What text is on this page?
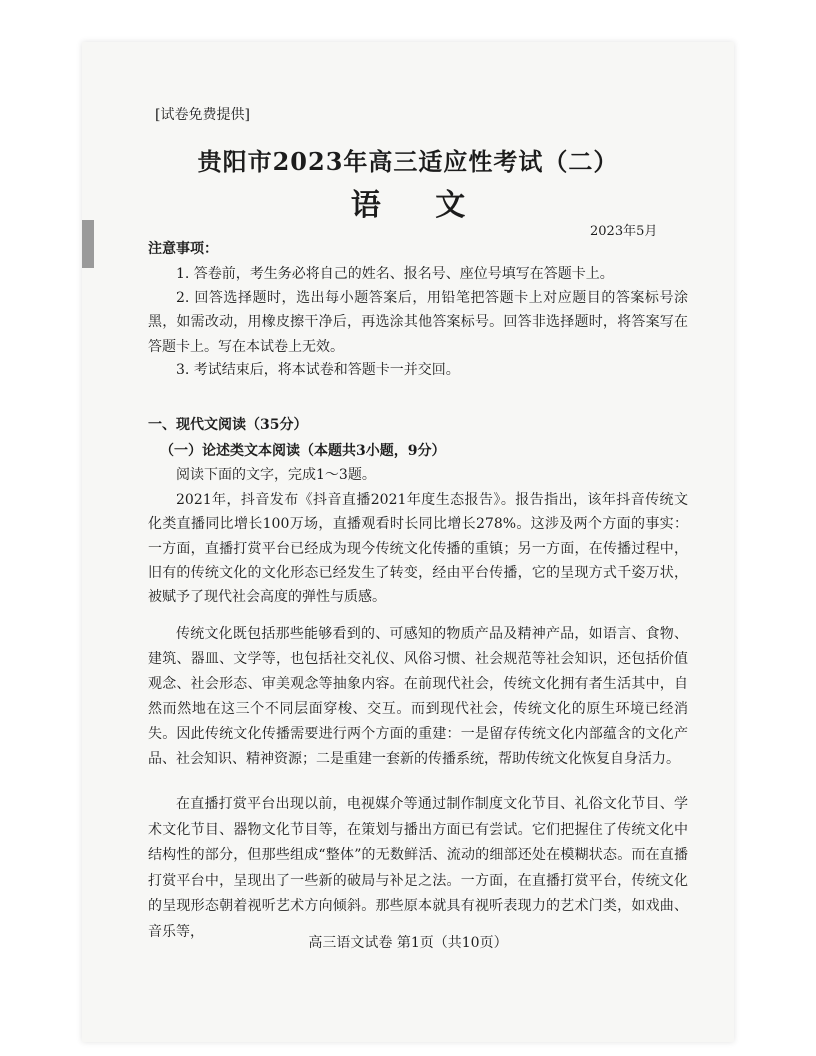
[试卷免费提供]
贵阳市2023年高三适应性考试（二）
语 文
2023年5月
注意事项：
1. 答卷前，考生务必将自己的姓名、报名号、座位号填写在答题卡上。
2. 回答选择题时，选出每小题答案后，用铅笔把答题卡上对应题目的答案标号涂黑，如需改动，用橡皮擦干净后，再选涂其他答案标号。回答非选择题时，将答案写在答题卡上。写在本试卷上无效。
3. 考试结束后，将本试卷和答题卡一并交回。
一、现代文阅读（35分）
（一）论述类文本阅读（本题共3小题，9分）
阅读下面的文字，完成1～3题。
2021年，抖音发布《抖音直播2021年度生态报告》。报告指出，该年抖音传统文化类直播同比增长100万场，直播观看时长同比增长278%。这涉及两个方面的事实：一方面，直播打赏平台已经成为现今传统文化传播的重镇；另一方面，在传播过程中，旧有的传统文化的文化形态已经发生了转变，经由平台传播，它的呈现方式千姿万状，被赋予了现代社会高度的弹性与质感。
传统文化既包括那些能够看到的、可感知的物质产品及精神产品，如语言、食物、建筑、器皿、文学等，也包括社交礼仪、风俗习惯、社会规范等社会知识，还包括价值观念、社会形态、审美观念等抽象内容。在前现代社会，传统文化拥有者生活其中，自然而然地在这三个不同层面穿梭、交互。而到现代社会，传统文化的原生环境已经消失。因此传统文化传播需要进行两个方面的重建：一是留存传统文化内部蕴含的文化产品、社会知识、精神资源；二是重建一套新的传播系统，帮助传统文化恢复自身活力。
在直播打赏平台出现以前，电视媒介等通过制作制度文化节目、礼俗文化节目、学术文化节目、器物文化节目等，在策划与播出方面已有尝试。它们把握住了传统文化中结构性的部分，但那些组成“整体”的无数鲜活、流动的细部还处在模糊状态。而在直播打赏平台中，呈现出了一些新的破局与补足之法。一方面，在直播打赏平台，传统文化的呈现形态朝着视听艺术方向倾斜。那些原本就具有视听表现力的艺术门类，如戏曲、音乐等，
高三语文试卷 第1页（共10页）
